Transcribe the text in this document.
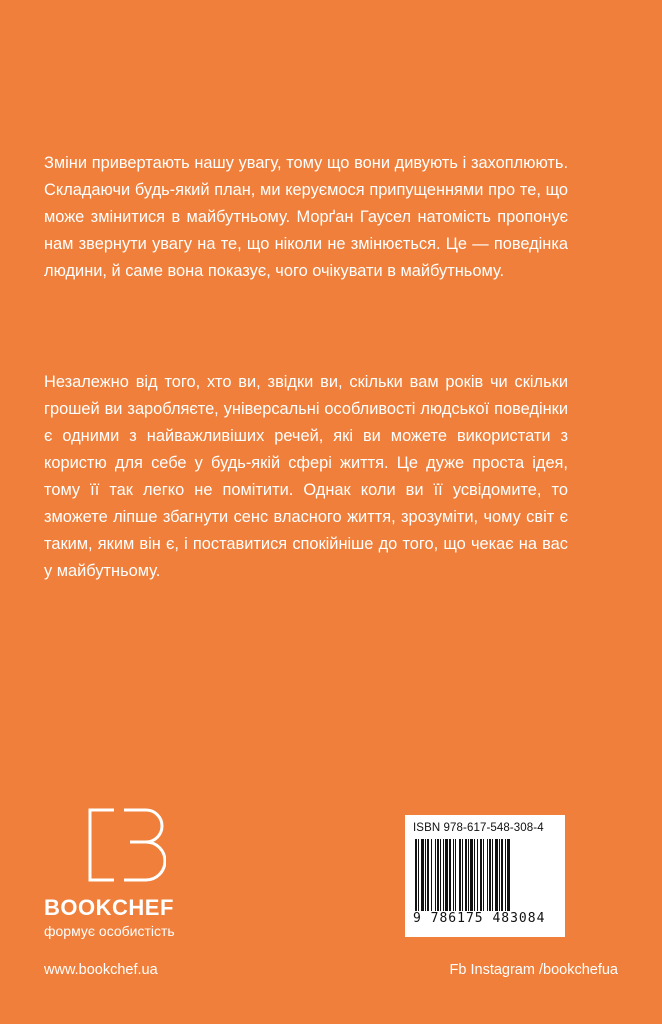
Зміни привертають нашу увагу, тому що вони дивують і захоплюють. Складаючи будь-який план, ми керуємося припущеннями про те, що може змінитися в майбутньому. Морґан Гаусел натомість пропонує нам звернути увагу на те, що ніколи не змінюється. Це — поведінка людини, й саме вона показує, чого очікувати в майбутньому.

Незалежно від того, хто ви, звідки ви, скільки вам років чи скільки грошей ви заробляєте, універсальні особливості людської поведінки є одними з найважливіших речей, які ви можете використати з користю для себе у будь-якій сфері життя. Це дуже проста ідея, тому її так легко не помітити. Однак коли ви її усвідомите, то зможете ліпше збагнути сенс власного життя, зрозуміти, чому світ є таким, яким він є, і поставитися спокійніше до того, що чекає на вас у майбутньому.

BOOKCHEF
формує особистість
ISBN 978-617-548-308-4
9 786175 483084
www.bookchef.ua	Fb Instagram /bookchefua
